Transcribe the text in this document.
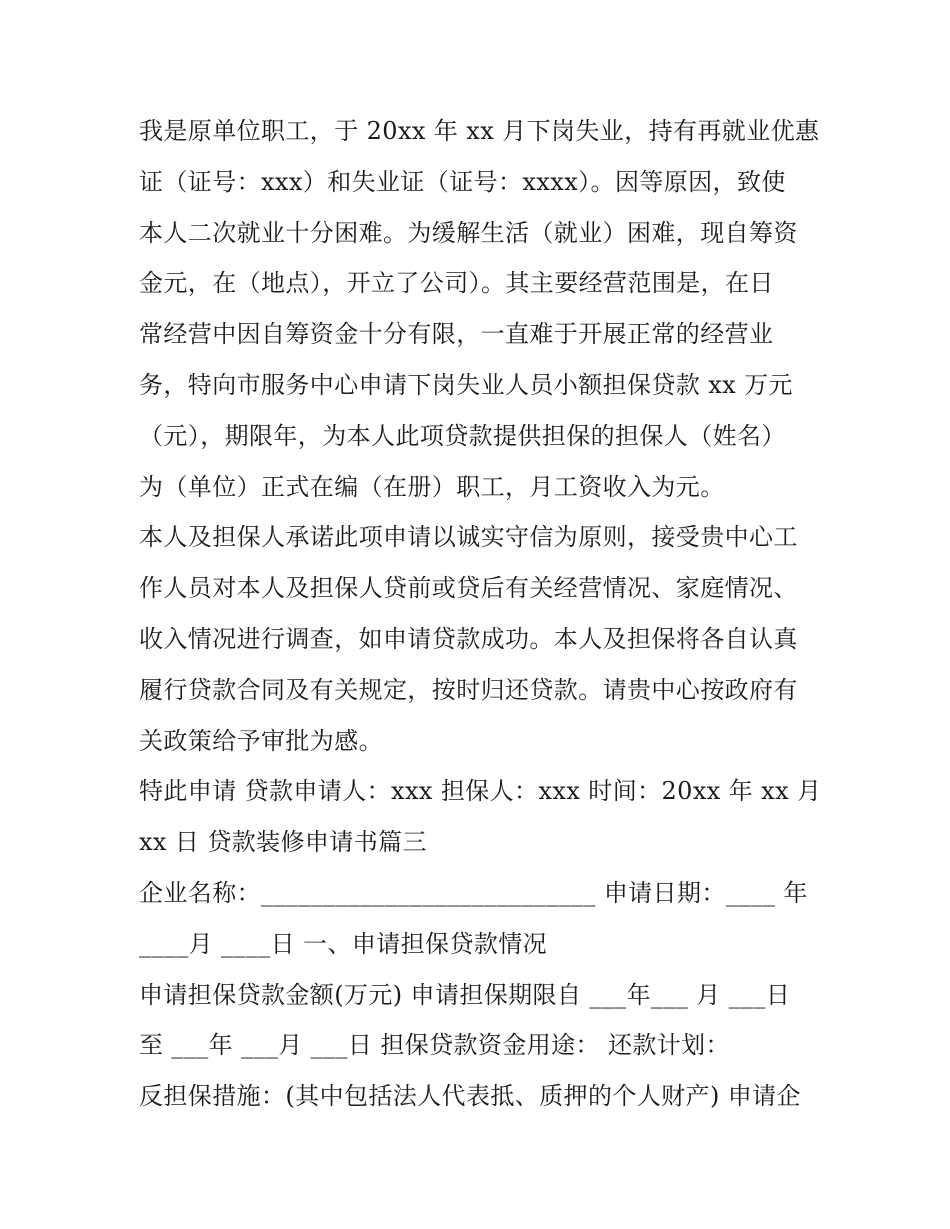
我是原单位职工，于 20xx 年 xx 月下岗失业，持有再就业优惠
证（证号：xxx）和失业证（证号：xxxx）。因等原因，致使
本人二次就业十分困难。为缓解生活（就业）困难，现自筹资
金元，在（地点），开立了公司）。其主要经营范围是，在日
常经营中因自筹资金十分有限，一直难于开展正常的经营业
务，特向市服务中心申请下岗失业人员小额担保贷款 xx 万元
（元），期限年，为本人此项贷款提供担保的担保人（姓名）
为（单位）正式在编（在册）职工，月工资收入为元。
本人及担保人承诺此项申请以诚实守信为原则，接受贵中心工
作人员对本人及担保人贷前或贷后有关经营情况、家庭情况、
收入情况进行调查，如申请贷款成功。本人及担保将各自认真
履行贷款合同及有关规定，按时归还贷款。请贵中心按政府有
关政策给予审批为感。
特此申请 贷款申请人：xxx 担保人：xxx 时间：20xx 年 xx 月
xx 日 贷款装修申请书篇三
企业名称：___________________________ 申请日期：____ 年
____月 ____日 一、申请担保贷款情况
申请担保贷款金额(万元) 申请担保期限自 ___年___ 月 ___日
至 ___年 ___月 ___日 担保贷款资金用途： 还款计划：
反担保措施：(其中包括法人代表抵、质押的个人财产) 申请企
